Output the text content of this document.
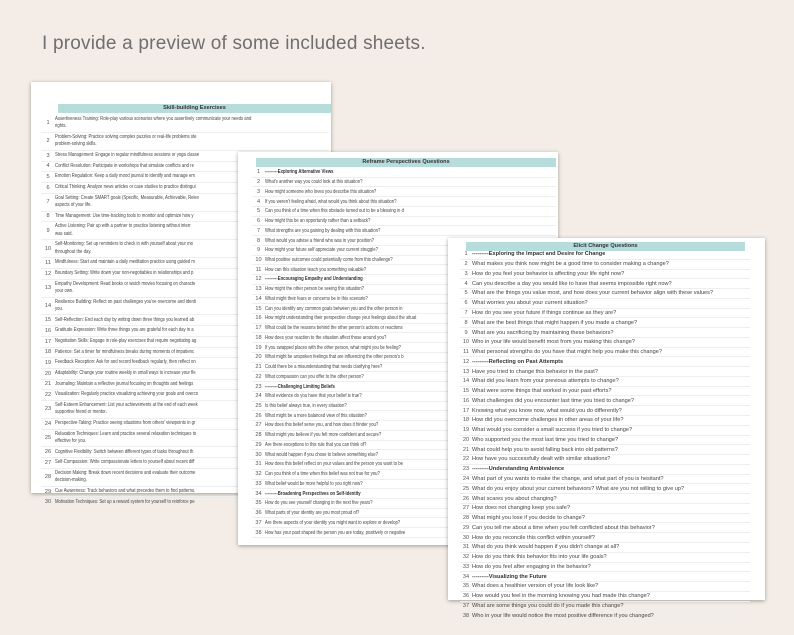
I provide a preview of some included sheets.
Skill-building Exercises
1
Assertiveness Training: Role-play various scenarios where you assertively communicate your needs and
rights.
2
Problem-Solving: Practice solving complex puzzles or real-life problems ste
problem-solving skills.
3 Stress Management: Engage in regular mindfulness sessions or yoga classe
4 Conflict Resolution: Participate in workshops that simulate conflicts and re
5 Emotion Regulation: Keep a daily mood journal to identify and manage em
6 Critical Thinking: Analyze news articles or case studies to practice distingui
7
Goal Setting: Create SMART goals (Specific, Measurable, Achievable, Relev
aspects of your life.
8 Time Management: Use time-tracking tools to monitor and optimize how y
9
Active Listening: Pair up with a partner to practice listening without interr
was said.
10
Self-Monitoring: Set up reminders to check in with yourself about your mo
throughout the day.
11 Mindfulness: Start and maintain a daily meditation practice using guided m
12 Boundary Setting: Write down your non-negotiables in relationships and p
13
Empathy Development: Read books or watch movies focusing on characte
your own.
14
Resilience Building: Reflect on past challenges you've overcome and identi
you.
15 Self-Reflection: End each day by writing down three things you learned ab
16 Gratitude Expression: Write three things you are grateful for each day in a
17 Negotiation Skills: Engage in role-play exercises that require negotiating ag
18 Patience: Set a timer for mindfulness breaks during moments of impatienc
19 Feedback Reception: Ask for and record feedback regularly, then reflect on
20 Adaptability: Change your routine weekly in small ways to increase your fle
21 Journaling: Maintain a reflective journal focusing on thoughts and feelings
22 Visualization: Regularly practice visualizing achieving your goals and overco
23
Self-Esteem Enhancement: List your achievements at the end of each week
supportive friend or mentor.
24 Perspective-Taking: Practice seeing situations from others' viewpoints in gr
25
Relaxation Techniques: Learn and practice several relaxation techniques to
effective for you.
26 Cognitive Flexibility: Switch between different types of tasks throughout th
27 Self-Compassion: Write compassionate letters to yourself about recent diff
28
Decision Making: Break down recent decisions and evaluate their outcome
decision-making.
29 Cue Awareness: Track behaviors and what precedes them to find patterns.
30 Motivation Techniques: Set up a reward system for yourself to reinforce pe
Reframe Perspectives Questions
1 ---------Exploring Alternative Views
2 What's another way you could look at this situation?
3 How might someone who loves you describe this situation?
4 If you weren't feeling afraid, what would you think about this situation?
5 Can you think of a time when this obstacle turned out to be a blessing in d
6 How might this be an opportunity rather than a setback?
7 What strengths are you gaining by dealing with this situation?
8 What would you advise a friend who was in your position?
9 How might your future self appreciate your current struggle?
10 What positive outcomes could potentially come from this challenge?
11 How can this situation teach you something valuable?
12 ---------Encouraging Empathy and Understanding
13 How might the other person be seeing this situation?
14 What might their fears or concerns be in this scenario?
15 Can you identify any common goals between you and the other person in
16 How might understanding their perspective change your feelings about the situat
17 What could be the reasons behind the other person's actions or reactions
18 How does your reaction to the situation affect those around you?
19 If you swapped places with the other person, what might you be feeling?
20 What might be unspoken feelings that are influencing the other person's b
21 Could there be a misunderstanding that needs clarifying here?
22 What compassion can you offer to the other person?
23 ---------Challenging Limiting Beliefs
24 What evidence do you have that your belief is true?
25 Is this belief always true, in every situation?
26 What might be a more balanced view of this situation?
27 How does this belief serve you, and how does it hinder you?
28 What might you believe if you felt more confident and secure?
29 Are there exceptions to this rule that you can think of?
30 What would happen if you chose to believe something else?
31 How does this belief reflect on your values and the person you want to be
32 Can you think of a time when this belief was not true for you?
33 What belief would be more helpful to you right now?
34 ---------Broadening Perspectives on Self-Identity
35 How do you see yourself changing in the next five years?
36 What parts of your identity are you most proud of?
37 Are there aspects of your identity you might want to explore or develop?
38 How has your past shaped the person you are today, positively or negative
Elicit Change Questions
1 ---------Exploring the Impact and Desire for Change
2 What makes you think now might be a good time to consider making a change?
3 How do you feel your behavior is affecting your life right now?
4 Can you describe a day you would like to have that seems impossible right now?
5 What are the things you value most, and how does your current behavior align with these values?
6 What worries you about your current situation?
7 How do you see your future if things continue as they are?
8 What are the best things that might happen if you made a change?
9 What are you sacrificing by maintaining these behaviors?
10 Who in your life would benefit most from you making this change?
11 What personal strengths do you have that might help you make this change?
12 ---------Reflecting on Past Attempts
13 Have you tried to change this behavior in the past?
14 What did you learn from your previous attempts to change?
15 What were some things that worked in your past efforts?
16 What challenges did you encounter last time you tried to change?
17 Knowing what you know now, what would you do differently?
18 How did you overcome challenges in other areas of your life?
19 What would you consider a small success if you tried to change?
20 Who supported you the most last time you tried to change?
21 What could help you to avoid falling back into old patterns?
22 How have you successfully dealt with similar situations?
23 ---------Understanding Ambivalence
24 What part of you wants to make the change, and what part of you is hesitant?
25 What do you enjoy about your current behaviors? What are you not willing to give up?
26 What scares you about changing?
27 How does not changing keep you safe?
28 What might you lose if you decide to change?
29 Can you tell me about a time when you felt conflicted about this behavior?
30 How do you reconcile this conflict within yourself?
31 What do you think would happen if you didn't change at all?
32 How do you think this behavior fits into your life goals?
33 How do you feel after engaging in the behavior?
34 ---------Visualizing the Future
35 What does a healthier version of your life look like?
36 How would you feel in the morning knowing you had made this change?
37 What are some things you could do if you made this change?
38 Who in your life would notice the most positive difference if you changed?
